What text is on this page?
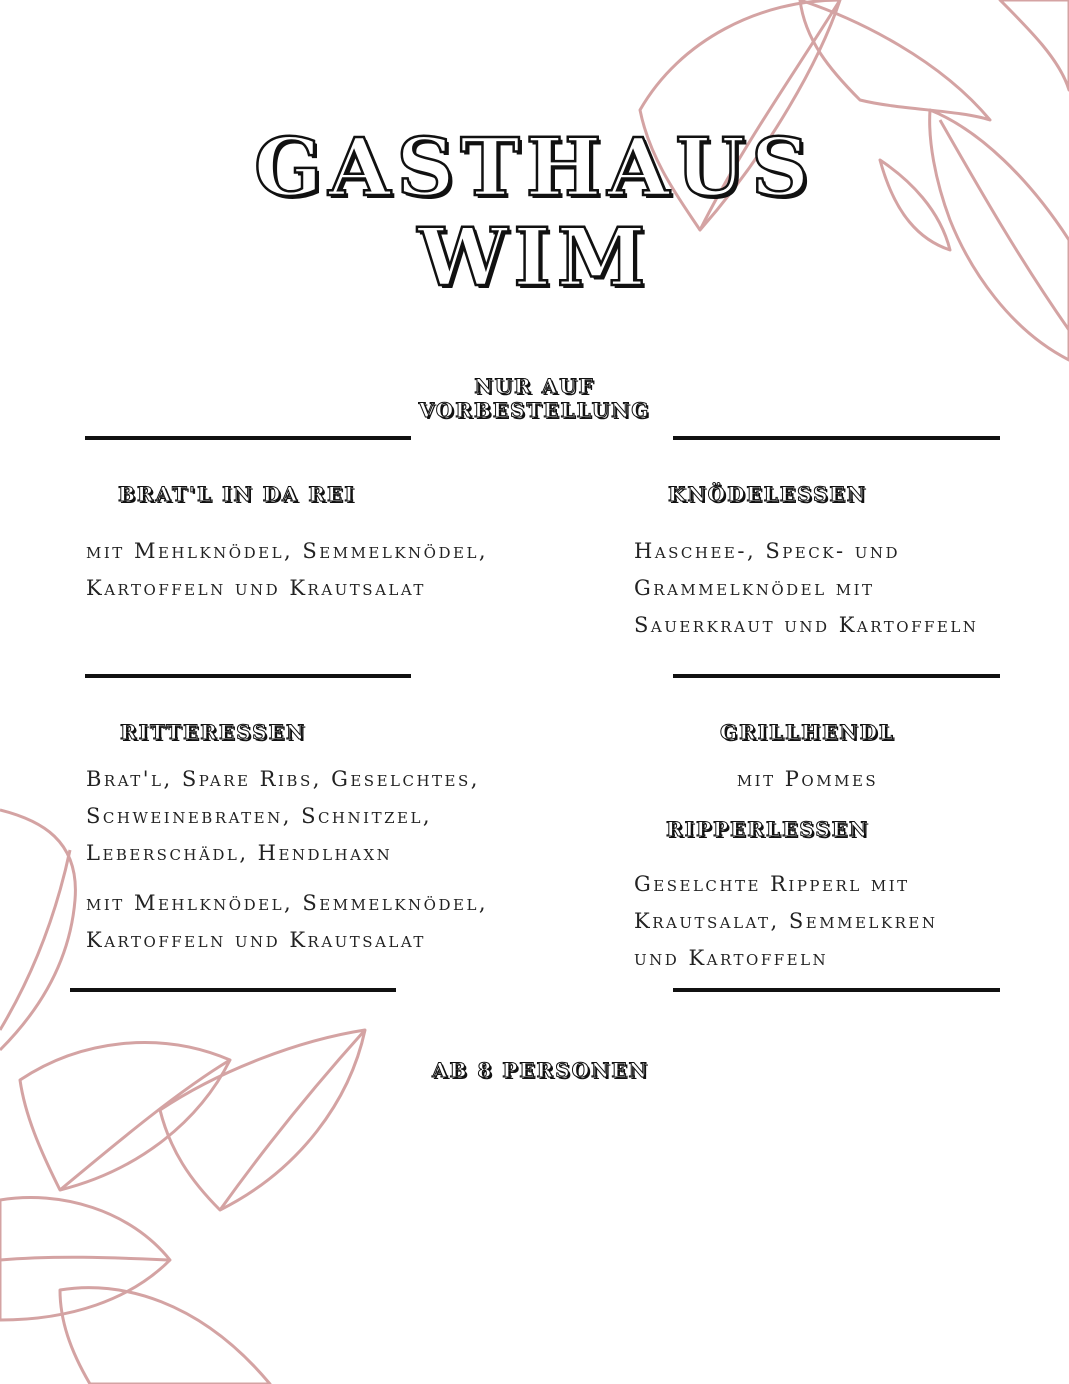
GASTHAUS
WIM
NUR AUF
VORBESTELLUNG
BRAT'L IN DA REI
mit Mehlknödel, Semmelknödel,
Kartoffeln und Krautsalat
KNÖDELESSEN
Haschee-, Speck- und
Grammelknödel mit
Sauerkraut und Kartoffeln
RITTERESSEN
Brat'l, Spare Ribs, Geselchtes,
Schweinebraten, Schnitzel,
Leberschädl, Hendlhaxn
mit Mehlknödel, Semmelknödel,
Kartoffeln und Krautsalat
GRILLHENDL
mit Pommes
RIPPERLESSEN
Geselchte Ripperl mit
Krautsalat, Semmelkren
und Kartoffeln
AB 8 PERSONEN
